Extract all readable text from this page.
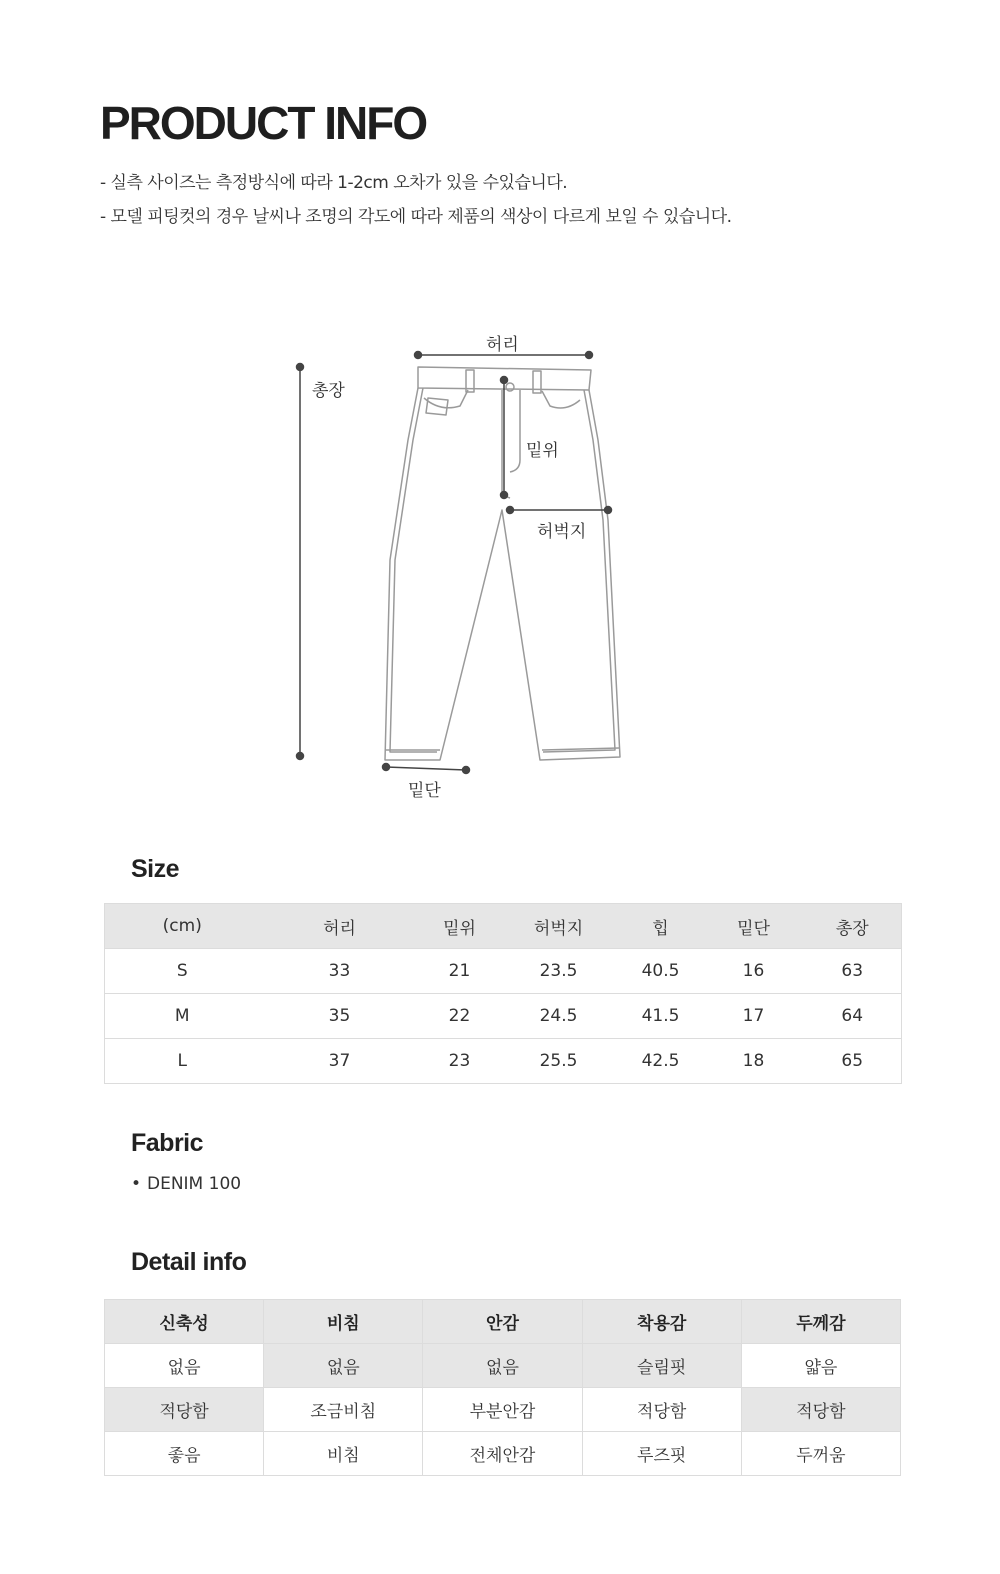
PRODUCT INFO
- 실측 사이즈는 측정방식에 따라 1-2cm 오차가 있을 수있습니다.
- 모델 피팅컷의 경우 날씨나 조명의 각도에 따라 제품의 색상이 다르게 보일 수 있습니다.
허리
총장
밑위
허벅지
밑단
Size
(cm)	허리	밑위	허벅지	힙	밑단	총장
S	33	21	23.5	40.5	16	63
M	35	22	24.5	41.5	17	64
L	37	23	25.5	42.5	18	65
Fabric
• DENIM 100
Detail info
신축성	비침	안감	착용감	두께감
없음	없음	없음	슬림핏	얇음
적당함	조금비침	부분안감	적당함	적당함
좋음	비침	전체안감	루즈핏	두꺼움
